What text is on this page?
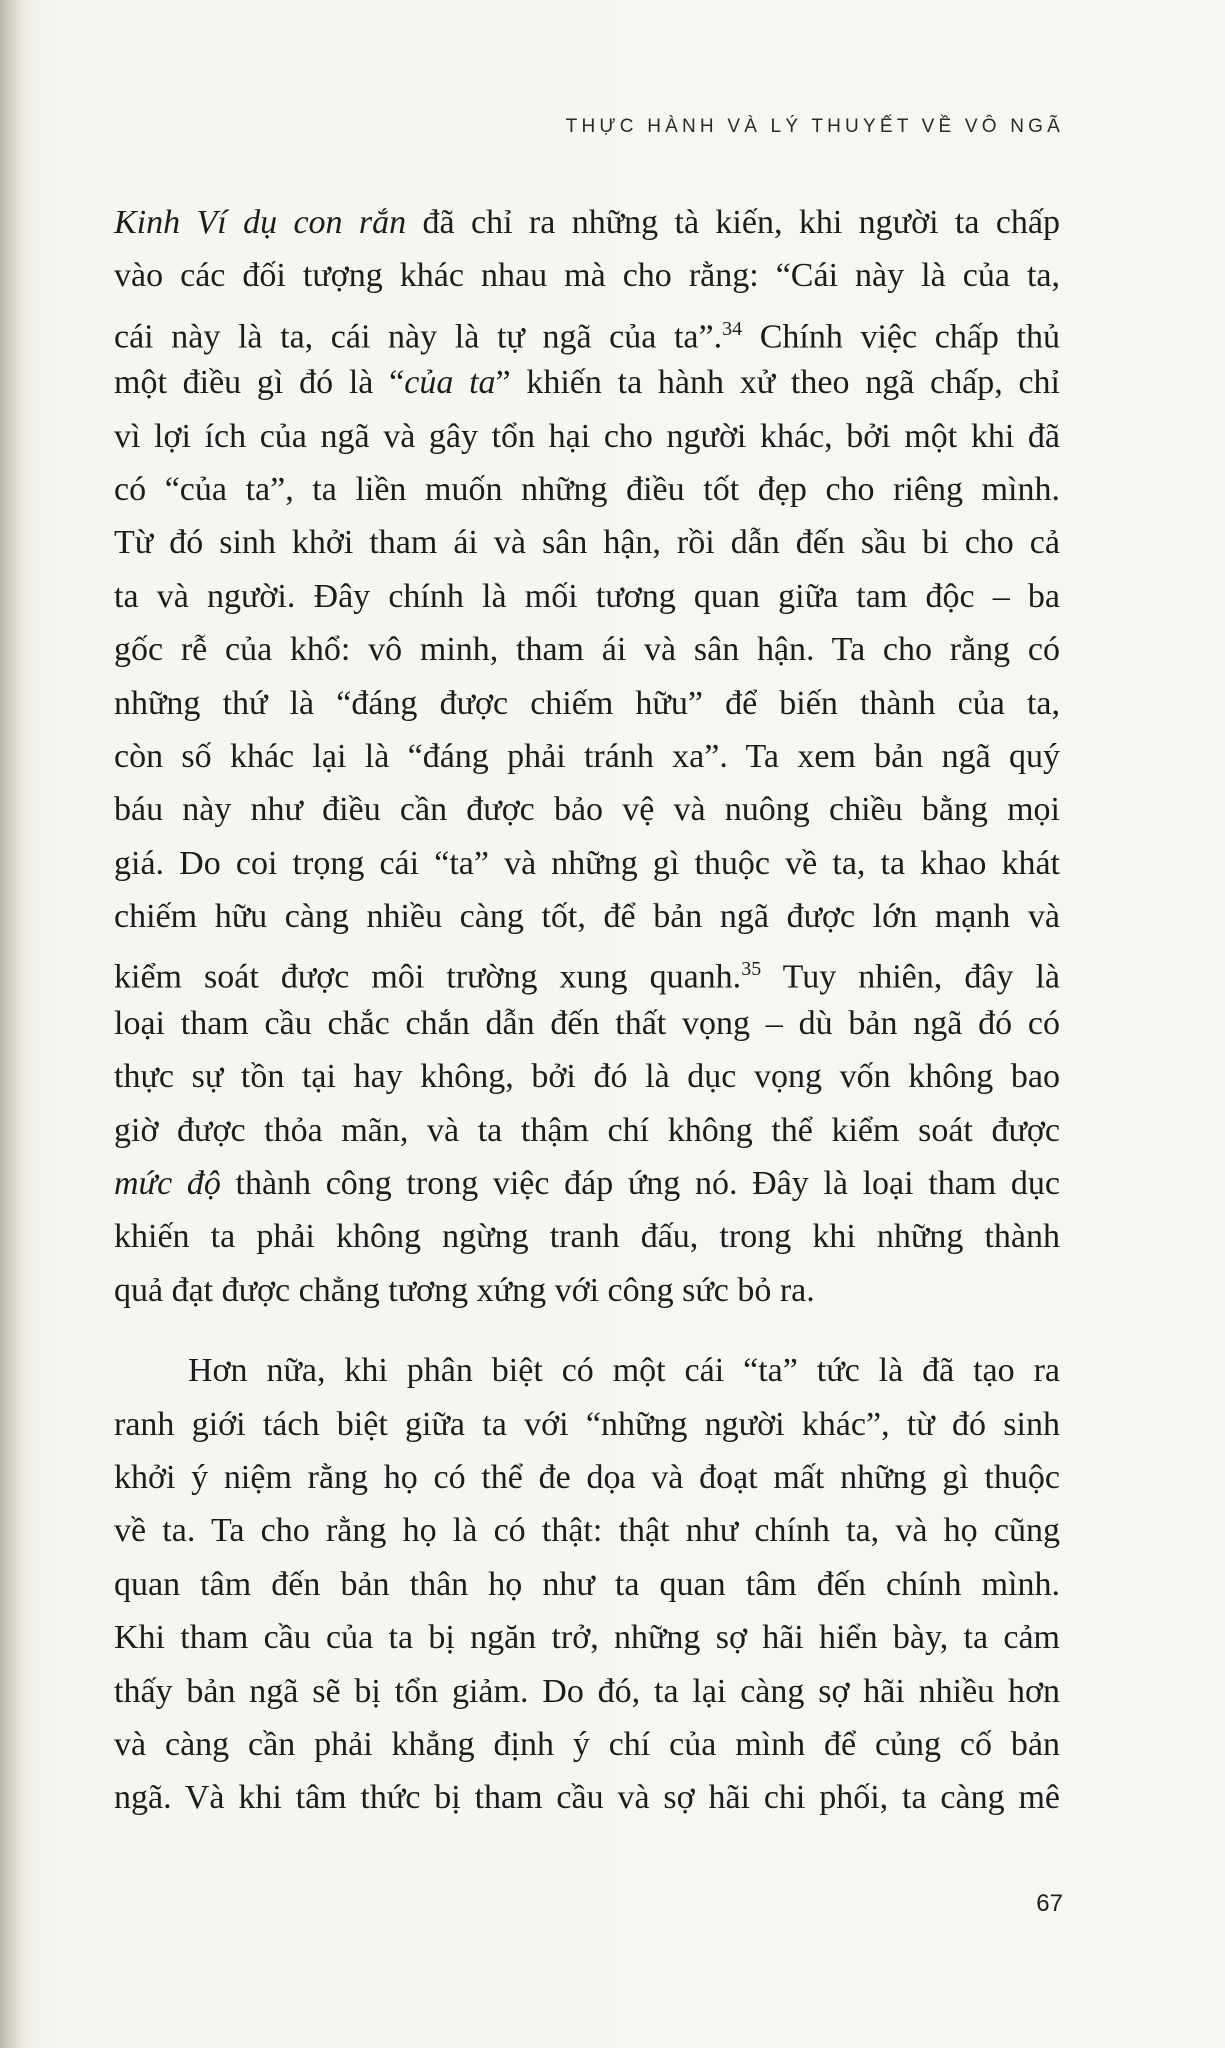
THỰC HÀNH VÀ LÝ THUYẾT VỀ VÔ NGÃ
Kinh Ví dụ con rắn đã chỉ ra những tà kiến, khi người ta chấp
vào các đối tượng khác nhau mà cho rằng: “Cái này là của ta,
cái này là ta, cái này là tự ngã của ta”.$^{34}$ Chính việc chấp thủ
một điều gì đó là “của ta” khiến ta hành xử theo ngã chấp, chỉ
vì lợi ích của ngã và gây tổn hại cho người khác, bởi một khi đã
có “của ta”, ta liền muốn những điều tốt đẹp cho riêng mình.
Từ đó sinh khởi tham ái và sân hận, rồi dẫn đến sầu bi cho cả
ta và người. Đây chính là mối tương quan giữa tam độc – ba
gốc rễ của khổ: vô minh, tham ái và sân hận. Ta cho rằng có
những thứ là “đáng được chiếm hữu” để biến thành của ta,
còn số khác lại là “đáng phải tránh xa”. Ta xem bản ngã quý
báu này như điều cần được bảo vệ và nuông chiều bằng mọi
giá. Do coi trọng cái “ta” và những gì thuộc về ta, ta khao khát
chiếm hữu càng nhiều càng tốt, để bản ngã được lớn mạnh và
kiểm soát được môi trường xung quanh.$^{35}$ Tuy nhiên, đây là
loại tham cầu chắc chắn dẫn đến thất vọng – dù bản ngã đó có
thực sự tồn tại hay không, bởi đó là dục vọng vốn không bao
giờ được thỏa mãn, và ta thậm chí không thể kiểm soát được
mức độ thành công trong việc đáp ứng nó. Đây là loại tham dục
khiến ta phải không ngừng tranh đấu, trong khi những thành
quả đạt được chẳng tương xứng với công sức bỏ ra.
Hơn nữa, khi phân biệt có một cái “ta” tức là đã tạo ra
ranh giới tách biệt giữa ta với “những người khác”, từ đó sinh
khởi ý niệm rằng họ có thể đe dọa và đoạt mất những gì thuộc
về ta. Ta cho rằng họ là có thật: thật như chính ta, và họ cũng
quan tâm đến bản thân họ như ta quan tâm đến chính mình.
Khi tham cầu của ta bị ngăn trở, những sợ hãi hiển bày, ta cảm
thấy bản ngã sẽ bị tổn giảm. Do đó, ta lại càng sợ hãi nhiều hơn
và càng cần phải khẳng định ý chí của mình để củng cố bản
ngã. Và khi tâm thức bị tham cầu và sợ hãi chi phối, ta càng mê
67
